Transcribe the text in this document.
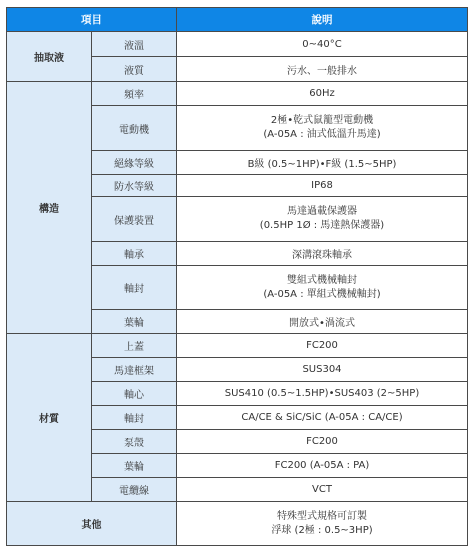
項目		說明
抽取液	液溫	0~40°C
	液質	污水、一般排水
構造	頻率	60Hz
	電動機	2極•乾式鼠籠型電動機
(A-05A : 油式低溫升馬達)

	絕緣等級	B級 (0.5~1HP)•F級 (1.5~5HP)
	防水等級	IP68
	保護裝置	馬達過載保護器
(0.5HP 1Ø : 馬達熱保護器)

	軸承	深溝滾珠軸承
	軸封	雙組式機械軸封
(A-05A : 單組式機械軸封)

	葉輪	開放式•渦流式
材質	上蓋	FC200
	馬達框架	SUS304
	軸心	SUS410 (0.5~1.5HP)•SUS403 (2~5HP)
	軸封	CA/CE & SiC/SiC (A-05A : CA/CE)
	泵殼	FC200
	葉輪	FC200 (A-05A : PA)
	電纜線	VCT
其他		特殊型式規格可訂製
浮球 (2極 : 0.5~3HP)
